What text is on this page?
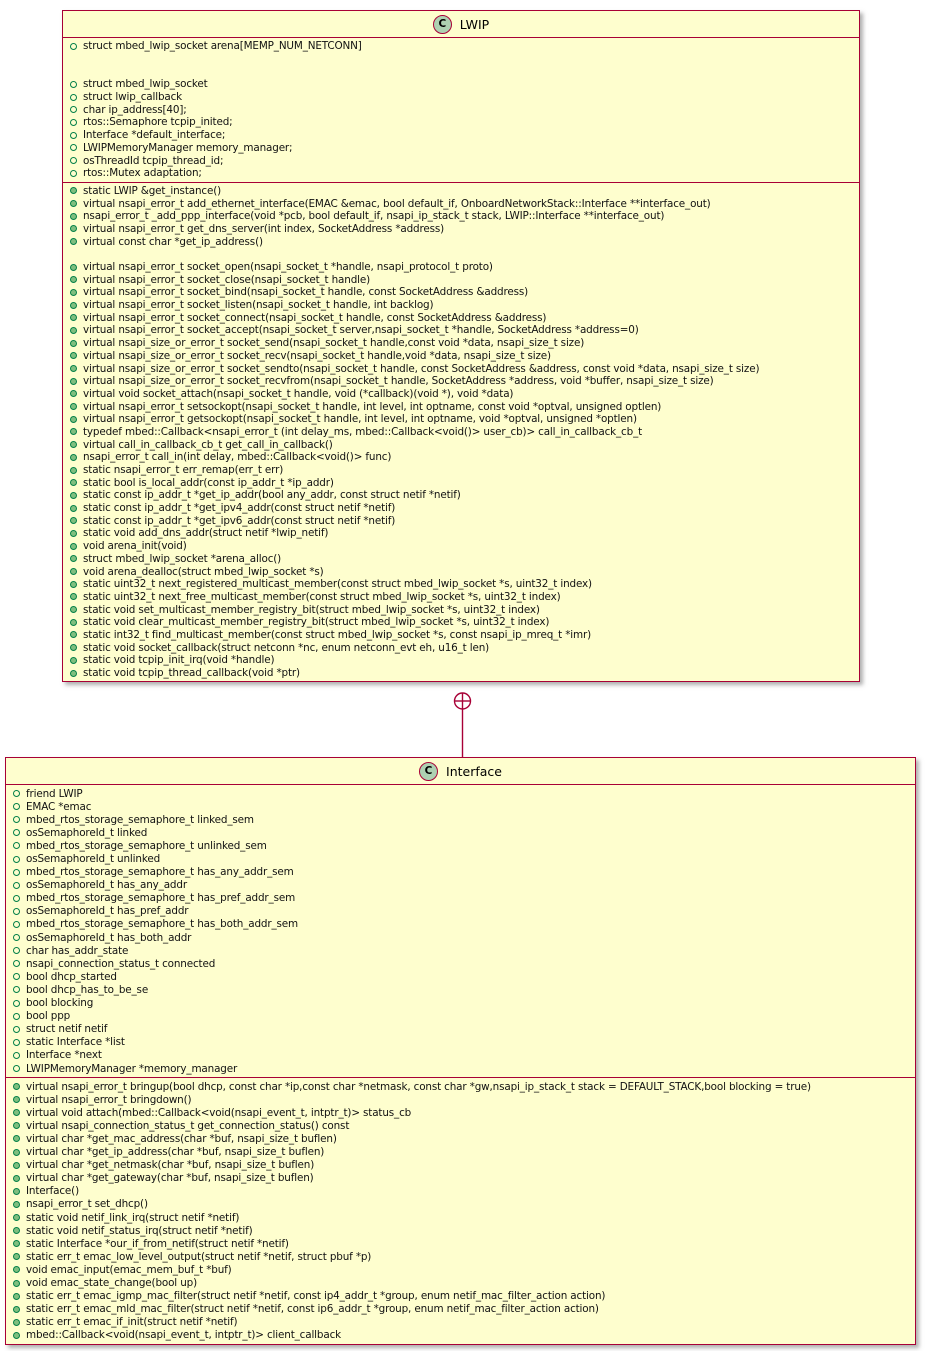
C	LWIP
struct mbed_lwip_socket arena[MEMP_NUM_NETCONN]
struct mbed_lwip_socket
struct lwip_callback
char ip_address[40];
rtos::Semaphore tcpip_inited;
Interface *default_interface;
LWIPMemoryManager memory_manager;
osThreadId tcpip_thread_id;
rtos::Mutex adaptation;
static LWIP &get_instance()
virtual nsapi_error_t add_ethernet_interface(EMAC &emac, bool default_if, OnboardNetworkStack::Interface **interface_out)
nsapi_error_t _add_ppp_interface(void *pcb, bool default_if, nsapi_ip_stack_t stack, LWIP::Interface **interface_out)
virtual nsapi_error_t get_dns_server(int index, SocketAddress *address)
virtual const char *get_ip_address()
virtual nsapi_error_t socket_open(nsapi_socket_t *handle, nsapi_protocol_t proto)
virtual nsapi_error_t socket_close(nsapi_socket_t handle)
virtual nsapi_error_t socket_bind(nsapi_socket_t handle, const SocketAddress &address)
virtual nsapi_error_t socket_listen(nsapi_socket_t handle, int backlog)
virtual nsapi_error_t socket_connect(nsapi_socket_t handle, const SocketAddress &address)
virtual nsapi_error_t socket_accept(nsapi_socket_t server,nsapi_socket_t *handle, SocketAddress *address=0)
virtual nsapi_size_or_error_t socket_send(nsapi_socket_t handle,const void *data, nsapi_size_t size)
virtual nsapi_size_or_error_t socket_recv(nsapi_socket_t handle,void *data, nsapi_size_t size)
virtual nsapi_size_or_error_t socket_sendto(nsapi_socket_t handle, const SocketAddress &address, const void *data, nsapi_size_t size)
virtual nsapi_size_or_error_t socket_recvfrom(nsapi_socket_t handle, SocketAddress *address, void *buffer, nsapi_size_t size)
virtual void socket_attach(nsapi_socket_t handle, void (*callback)(void *), void *data)
virtual nsapi_error_t setsockopt(nsapi_socket_t handle, int level, int optname, const void *optval, unsigned optlen)
virtual nsapi_error_t getsockopt(nsapi_socket_t handle, int level, int optname, void *optval, unsigned *optlen)
typedef mbed::Callback<nsapi_error_t (int delay_ms, mbed::Callback<void()> user_cb)> call_in_callback_cb_t
virtual call_in_callback_cb_t get_call_in_callback()
nsapi_error_t call_in(int delay, mbed::Callback<void()> func)
static nsapi_error_t err_remap(err_t err)
static bool is_local_addr(const ip_addr_t *ip_addr)
static const ip_addr_t *get_ip_addr(bool any_addr, const struct netif *netif)
static const ip_addr_t *get_ipv4_addr(const struct netif *netif)
static const ip_addr_t *get_ipv6_addr(const struct netif *netif)
static void add_dns_addr(struct netif *lwip_netif)
void arena_init(void)
struct mbed_lwip_socket *arena_alloc()
void arena_dealloc(struct mbed_lwip_socket *s)
static uint32_t next_registered_multicast_member(const struct mbed_lwip_socket *s, uint32_t index)
static uint32_t next_free_multicast_member(const struct mbed_lwip_socket *s, uint32_t index)
static void set_multicast_member_registry_bit(struct mbed_lwip_socket *s, uint32_t index)
static void clear_multicast_member_registry_bit(struct mbed_lwip_socket *s, uint32_t index)
static int32_t find_multicast_member(const struct mbed_lwip_socket *s, const nsapi_ip_mreq_t *imr)
static void socket_callback(struct netconn *nc, enum netconn_evt eh, u16_t len)
static void tcpip_init_irq(void *handle)
static void tcpip_thread_callback(void *ptr)
C	Interface
friend LWIP
EMAC *emac
mbed_rtos_storage_semaphore_t linked_sem
osSemaphoreId_t linked
mbed_rtos_storage_semaphore_t unlinked_sem
osSemaphoreId_t unlinked
mbed_rtos_storage_semaphore_t has_any_addr_sem
osSemaphoreId_t has_any_addr
mbed_rtos_storage_semaphore_t has_pref_addr_sem
osSemaphoreId_t has_pref_addr
mbed_rtos_storage_semaphore_t has_both_addr_sem
osSemaphoreId_t has_both_addr
char has_addr_state
nsapi_connection_status_t connected
bool dhcp_started
bool dhcp_has_to_be_se
bool blocking
bool ppp
struct netif netif
static Interface *list
Interface *next
LWIPMemoryManager *memory_manager
virtual nsapi_error_t bringup(bool dhcp, const char *ip,const char *netmask, const char *gw,nsapi_ip_stack_t stack = DEFAULT_STACK,bool blocking = true)
virtual nsapi_error_t bringdown()
virtual void attach(mbed::Callback<void(nsapi_event_t, intptr_t)> status_cb
virtual nsapi_connection_status_t get_connection_status() const
virtual char *get_mac_address(char *buf, nsapi_size_t buflen)
virtual char *get_ip_address(char *buf, nsapi_size_t buflen)
virtual char *get_netmask(char *buf, nsapi_size_t buflen)
virtual char *get_gateway(char *buf, nsapi_size_t buflen)
Interface()
nsapi_error_t set_dhcp()
static void netif_link_irq(struct netif *netif)
static void netif_status_irq(struct netif *netif)
static Interface *our_if_from_netif(struct netif *netif)
static err_t emac_low_level_output(struct netif *netif, struct pbuf *p)
void emac_input(emac_mem_buf_t *buf)
void emac_state_change(bool up)
static err_t emac_igmp_mac_filter(struct netif *netif, const ip4_addr_t *group, enum netif_mac_filter_action action)
static err_t emac_mld_mac_filter(struct netif *netif, const ip6_addr_t *group, enum netif_mac_filter_action action)
static err_t emac_if_init(struct netif *netif)
mbed::Callback<void(nsapi_event_t, intptr_t)> client_callback
